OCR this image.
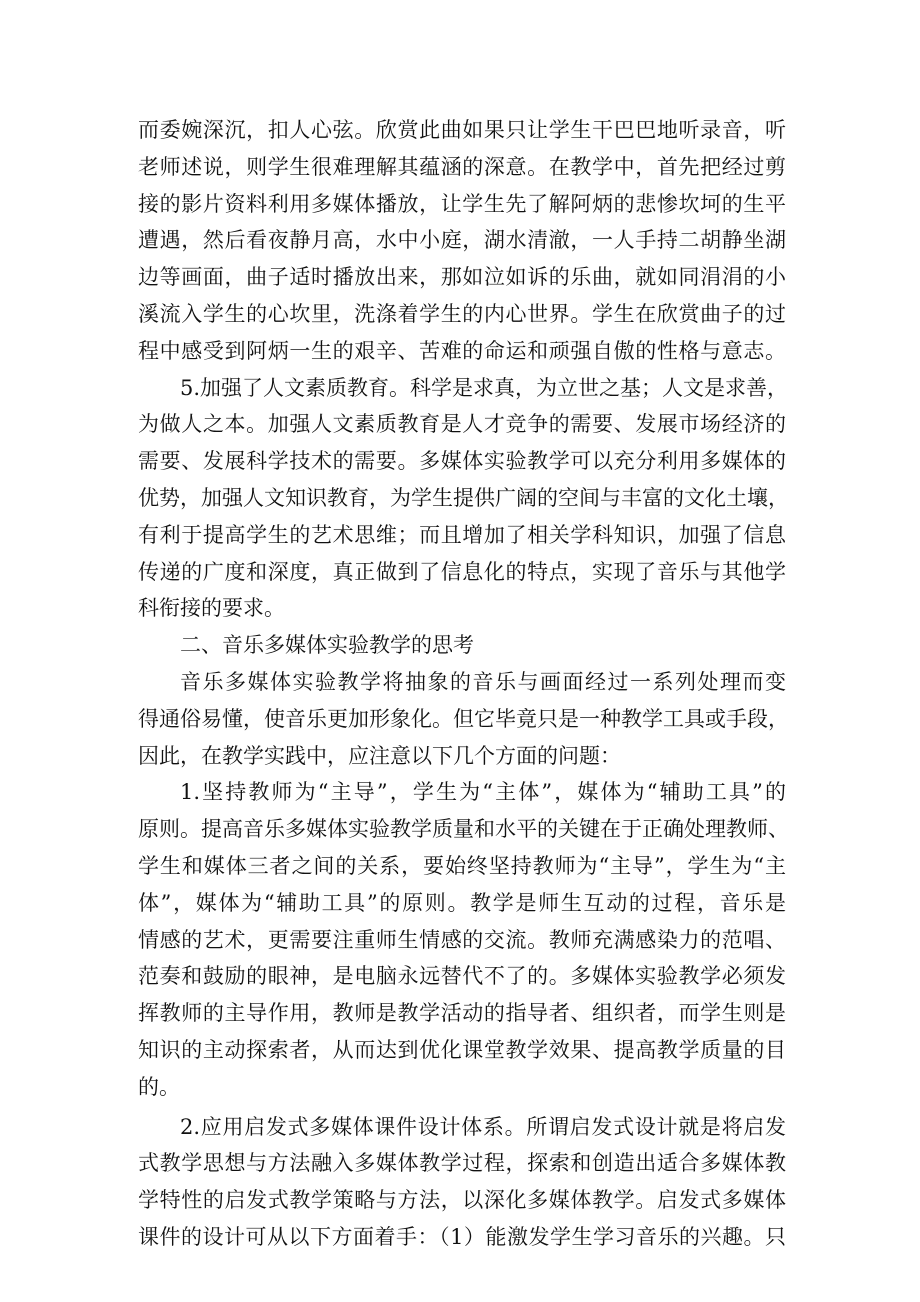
而委婉深沉，扣人心弦。欣赏此曲如果只让学生干巴巴地听录音，听
老师述说，则学生很难理解其蕴涵的深意。在教学中，首先把经过剪
接的影片资料利用多媒体播放，让学生先了解阿炳的悲惨坎坷的生平
遭遇，然后看夜静月高，水中小庭，湖水清澈，一人手持二胡静坐湖
边等画面，曲子适时播放出来，那如泣如诉的乐曲，就如同涓涓的小
溪流入学生的心坎里，洗涤着学生的内心世界。学生在欣赏曲子的过
程中感受到阿炳一生的艰辛、苦难的命运和顽强自傲的性格与意志。
5.加强了人文素质教育。科学是求真，为立世之基；人文是求善，
为做人之本。加强人文素质教育是人才竞争的需要、发展市场经济的
需要、发展科学技术的需要。多媒体实验教学可以充分利用多媒体的
优势，加强人文知识教育，为学生提供广阔的空间与丰富的文化土壤，
有利于提高学生的艺术思维；而且增加了相关学科知识，加强了信息
传递的广度和深度，真正做到了信息化的特点，实现了音乐与其他学
科衔接的要求。
二、音乐多媒体实验教学的思考
音乐多媒体实验教学将抽象的音乐与画面经过一系列处理而变
得通俗易懂，使音乐更加形象化。但它毕竟只是一种教学工具或手段，
因此，在教学实践中，应注意以下几个方面的问题：
1.坚持教师为“主导”，学生为“主体”，媒体为“辅助工具”的
原则。提高音乐多媒体实验教学质量和水平的关键在于正确处理教师、
学生和媒体三者之间的关系，要始终坚持教师为“主导”，学生为“主
体”，媒体为“辅助工具”的原则。教学是师生互动的过程，音乐是
情感的艺术，更需要注重师生情感的交流。教师充满感染力的范唱、
范奏和鼓励的眼神，是电脑永远替代不了的。多媒体实验教学必须发
挥教师的主导作用，教师是教学活动的指导者、组织者，而学生则是
知识的主动探索者，从而达到优化课堂教学效果、提高教学质量的目
的。
2.应用启发式多媒体课件设计体系。所谓启发式设计就是将启发
式教学思想与方法融入多媒体教学过程，探索和创造出适合多媒体教
学特性的启发式教学策略与方法，以深化多媒体教学。启发式多媒体
课件的设计可从以下方面着手：（1）能激发学生学习音乐的兴趣。只
